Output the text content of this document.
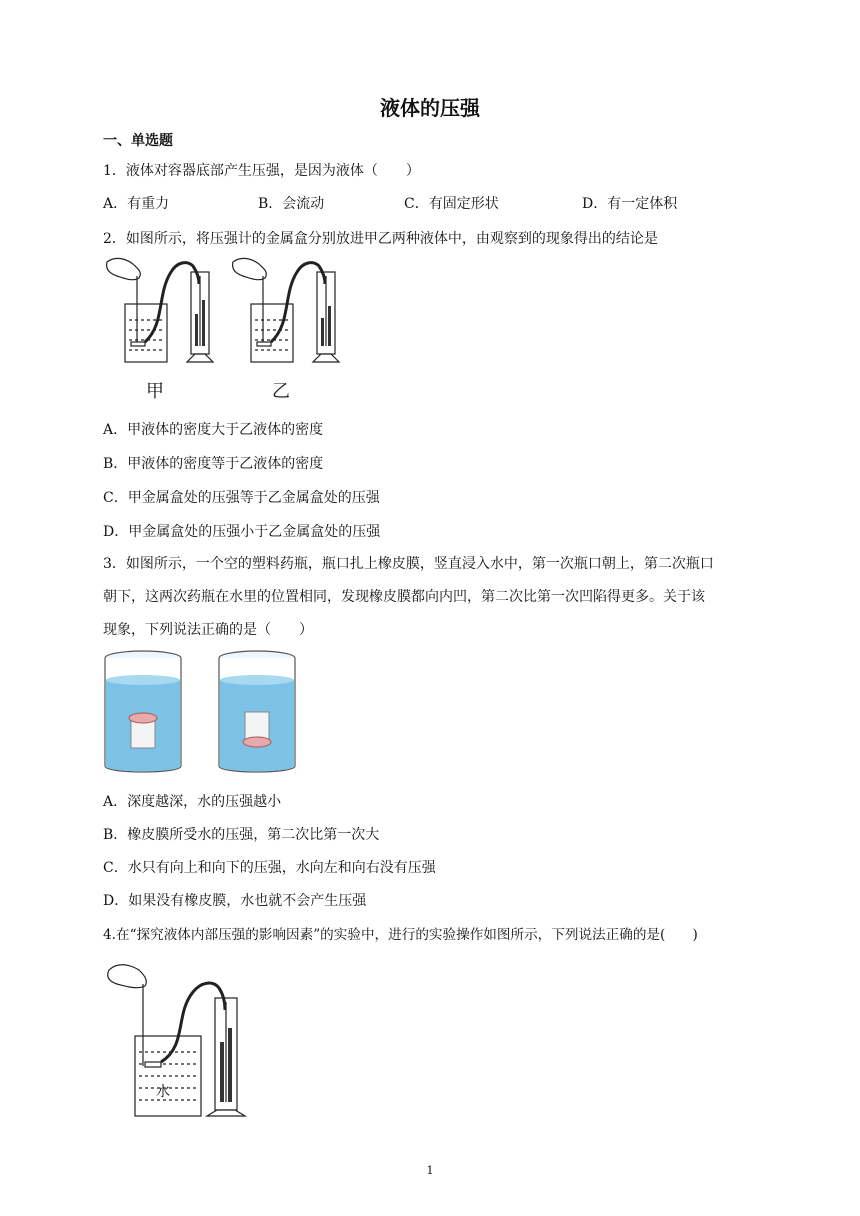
液体的压强
一、单选题
1．液体对容器底部产生压强，是因为液体（　　）
A．有重力	B．会流动	C．有固定形状	D．有一定体积
2．如图所示，将压强计的金属盒分别放进甲乙两种液体中，由观察到的现象得出的结论是
甲	乙
A．甲液体的密度大于乙液体的密度
B．甲液体的密度等于乙液体的密度
C．甲金属盒处的压强等于乙金属盒处的压强
D．甲金属盒处的压强小于乙金属盒处的压强
3．如图所示，一个空的塑料药瓶，瓶口扎上橡皮膜，竖直浸入水中，第一次瓶口朝上，第二次瓶口
朝下，这两次药瓶在水里的位置相同，发现橡皮膜都向内凹，第二次比第一次凹陷得更多。关于该
现象，下列说法正确的是（　　）
A．深度越深，水的压强越小
B．橡皮膜所受水的压强，第二次比第一次大
C．水只有向上和向下的压强，水向左和向右没有压强
D．如果没有橡皮膜，水也就不会产生压强
4.在“探究液体内部压强的影响因素”的实验中，进行的实验操作如图所示，下列说法正确的是(　　)
水
1
